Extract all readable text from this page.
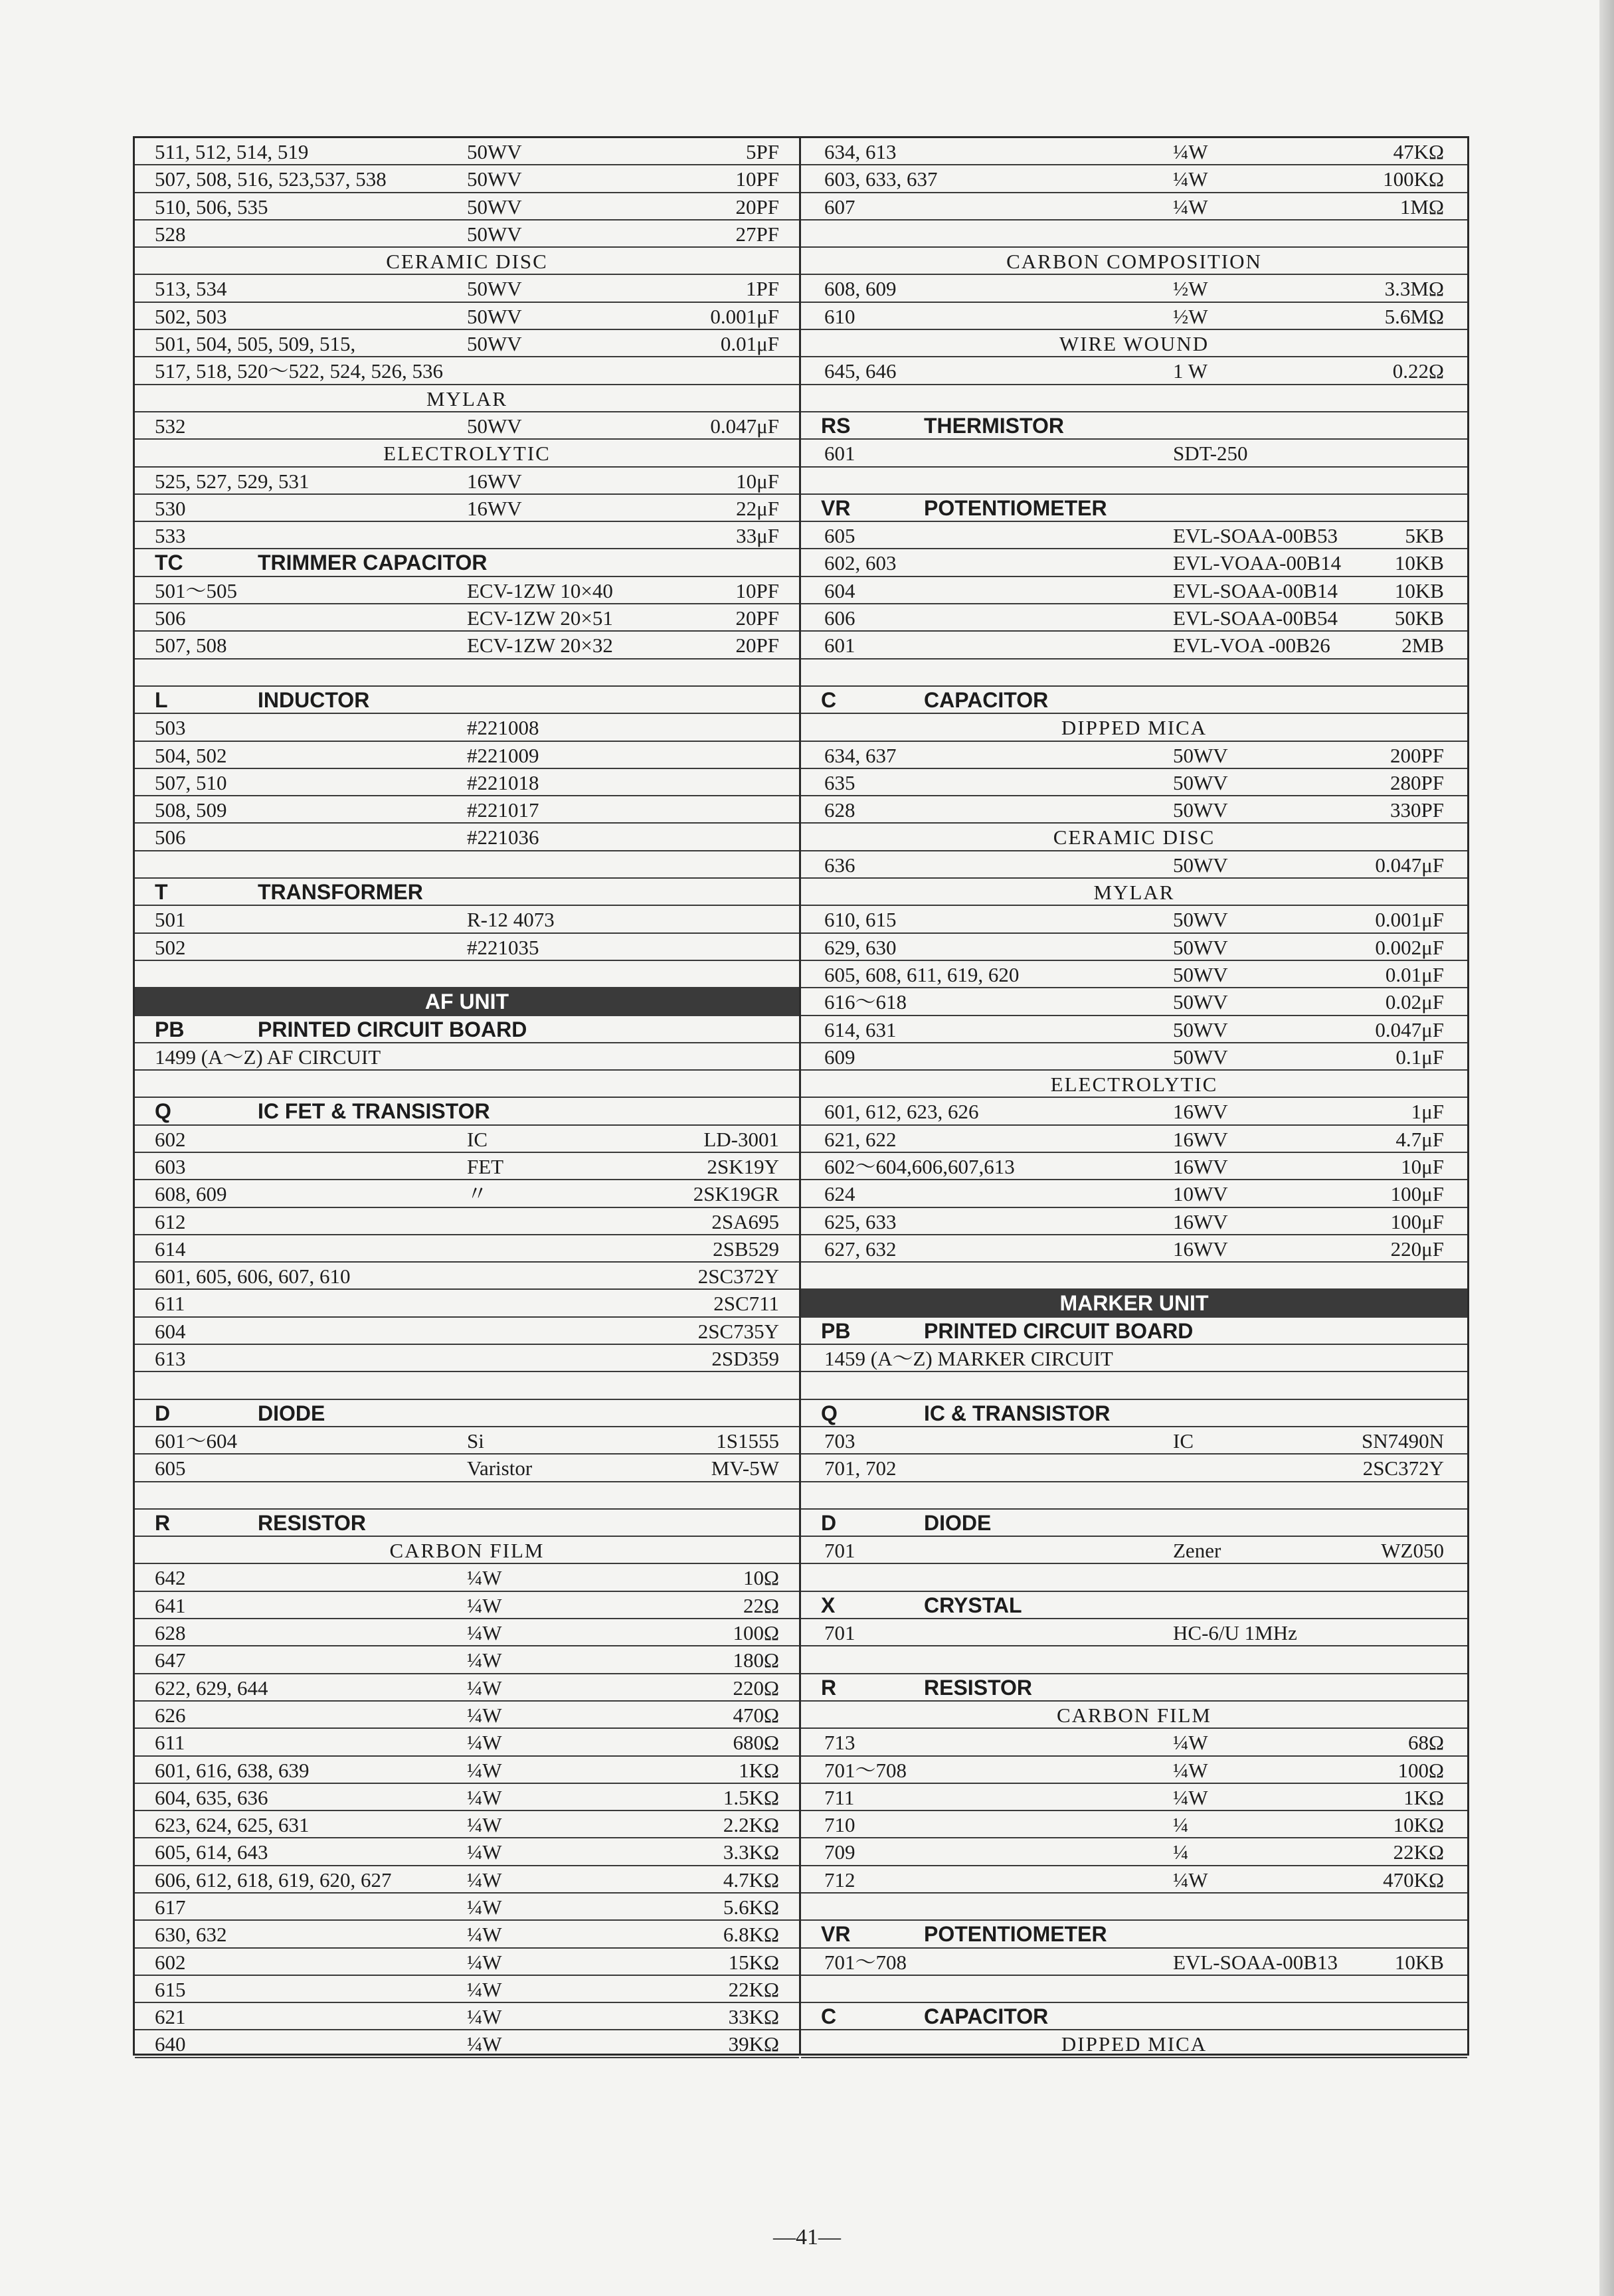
511, 512, 514, 519	50WV	5PF
507, 508, 516, 523,537, 538	50WV	10PF
510, 506, 535	50WV	20PF
528	50WV	27PF
CERAMIC DISC
513, 534	50WV	1PF
502, 503	50WV	0.001μF
501, 504, 505, 509, 515,	50WV	0.01μF
517, 518, 520～522, 524, 526, 536
MYLAR
532	50WV	0.047μF
ELECTROLYTIC
525, 527, 529, 531	16WV	10μF
530	16WV	22μF
533	33μF
TC	TRIMMER CAPACITOR
501～505	ECV-1ZW 10×40	10PF
506	ECV-1ZW 20×51	20PF
507, 508	ECV-1ZW 20×32	20PF
L	INDUCTOR
503	#221008
504, 502	#221009
507, 510	#221018
508, 509	#221017
506	#221036
T	TRANSFORMER
501	R-12 4073
502	#221035
AF UNIT
PB	PRINTED CIRCUIT BOARD
1499 (A～Z) AF CIRCUIT
Q	IC FET & TRANSISTOR
602	IC	LD-3001
603	FET	2SK19Y
608, 609	〃	2SK19GR
612	2SA695
614	2SB529
601, 605, 606, 607, 610	2SC372Y
611	2SC711
604	2SC735Y
613	2SD359
D	DIODE
601～604	Si	1S1555
605	Varistor	MV-5W
R	RESISTOR
CARBON FILM
642	¼W	10Ω
641	¼W	22Ω
628	¼W	100Ω
647	¼W	180Ω
622, 629, 644	¼W	220Ω
626	¼W	470Ω
611	¼W	680Ω
601, 616, 638, 639	¼W	1KΩ
604, 635, 636	¼W	1.5KΩ
623, 624, 625, 631	¼W	2.2KΩ
605, 614, 643	¼W	3.3KΩ
606, 612, 618, 619, 620, 627	¼W	4.7KΩ
617	¼W	5.6KΩ
630, 632	¼W	6.8KΩ
602	¼W	15KΩ
615	¼W	22KΩ
621	¼W	33KΩ
640	¼W	39KΩ
634, 613	¼W	47KΩ
603, 633, 637	¼W	100KΩ
607	¼W	1MΩ
CARBON COMPOSITION
608, 609	½W	3.3MΩ
610	½W	5.6MΩ
WIRE WOUND
645, 646	1 W	0.22Ω
RS	THERMISTOR
601	SDT-250
VR	POTENTIOMETER
605	EVL-SOAA-00B53	5KB
602, 603	EVL-VOAA-00B14	10KB
604	EVL-SOAA-00B14	10KB
606	EVL-SOAA-00B54	50KB
601	EVL-VOA -00B26	2MB
C	CAPACITOR
DIPPED MICA
634, 637	50WV	200PF
635	50WV	280PF
628	50WV	330PF
CERAMIC DISC
636	50WV	0.047μF
MYLAR
610, 615	50WV	0.001μF
629, 630	50WV	0.002μF
605, 608, 611, 619, 620	50WV	0.01μF
616～618	50WV	0.02μF
614, 631	50WV	0.047μF
609	50WV	0.1μF
ELECTROLYTIC
601, 612, 623, 626	16WV	1μF
621, 622	16WV	4.7μF
602～604,606,607,613	16WV	10μF
624	10WV	100μF
625, 633	16WV	100μF
627, 632	16WV	220μF
MARKER UNIT
PB	PRINTED CIRCUIT BOARD
1459 (A～Z) MARKER CIRCUIT
Q	IC & TRANSISTOR
703	IC	SN7490N
701, 702	2SC372Y
D	DIODE
701	Zener	WZ050
X	CRYSTAL
701	HC-6/U 1MHz
R	RESISTOR
CARBON FILM
713	¼W	68Ω
701～708	¼W	100Ω
711	¼W	1KΩ
710	¼	10KΩ
709	¼	22KΩ
712	¼W	470KΩ
VR	POTENTIOMETER
701～708	EVL-SOAA-00B13	10KB
C	CAPACITOR
DIPPED MICA
—41—
